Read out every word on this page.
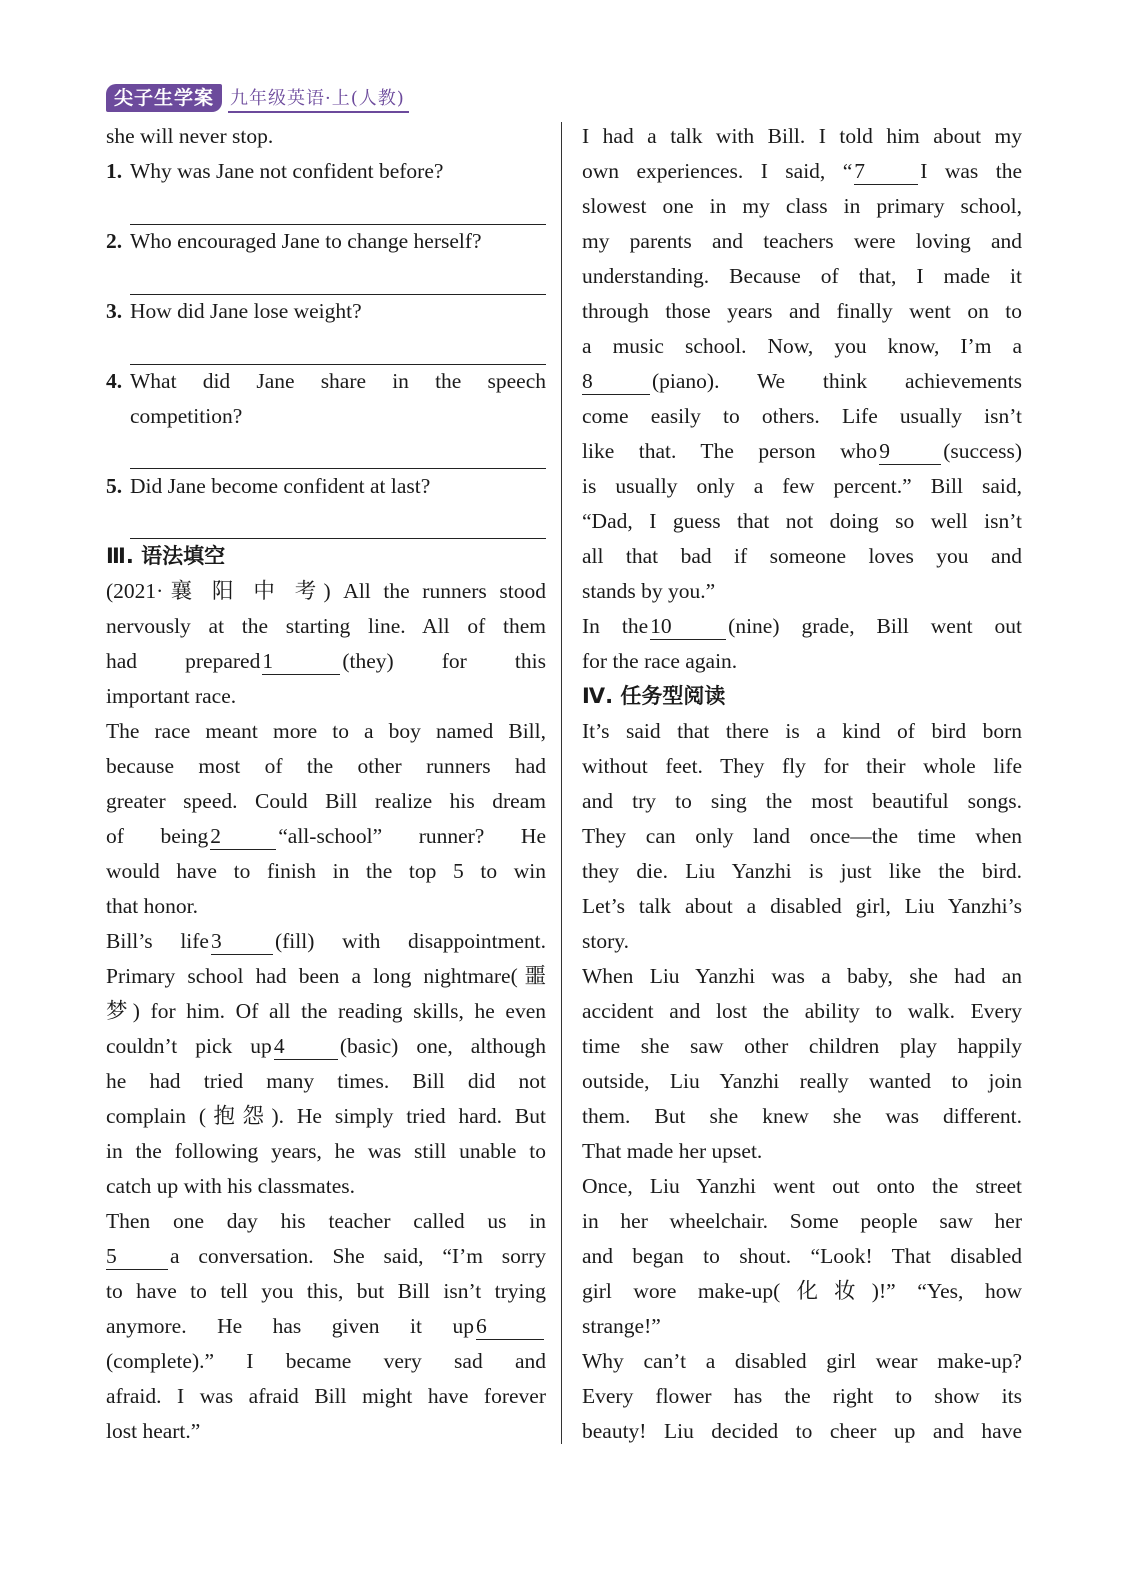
尖子生学案 九年级英语·上(人教)
she will never stop.
1. Why was Jane not confident before?
2. Who encouraged Jane to change herself?
3. How did Jane lose weight?
4. What did Jane share in the speech
competition?
5. Did Jane become confident at last?
Ⅲ. 语法填空
(2021·襄 阳 中 考) All the runners stood
nervously at the starting line. All of them
had prepared1	(they) for this
important race.
The race meant more to a boy named Bill,
because most of the other runners had
greater speed. Could Bill realize his dream
of being2	“all-school” runner? He
would have to finish in the top 5 to win
that honor.
Bill’s life3 (fill) with disappointment.
Primary school had been a long nightmare(噩
梦) for him. Of all the reading skills, he even
couldn’t pick up4	(basic) one, although
he had tried many times. Bill did not
complain (抱怨). He simply tried hard. But
in the following years, he was still unable to
catch up with his classmates.
Then one day his teacher called us in
5 a conversation. She said, “I’m sorry
to have to tell you this, but Bill isn’t trying
anymore. He has given it up6
(complete).” I became very sad and
afraid. I was afraid Bill might have forever
lost heart.”
I had a talk with Bill. I told him about my
own experiences. I said, “7	I was the
slowest one in my class in primary school,
my parents and teachers were loving and
understanding. Because of that, I made it
through those years and finally went on to
a music school. Now, you know, I’m a
8	(piano). We think achievements
come easily to others. Life usually isn’t
like that. The person who9 (success)
is usually only a few percent.” Bill said,
“Dad, I guess that not doing so well isn’t
all that bad if someone loves you and
stands by you.”
In the10	(nine) grade, Bill went out
for the race again.
Ⅳ. 任务型阅读
It’s said that there is a kind of bird born
without feet. They fly for their whole life
and try to sing the most beautiful songs.
They can only land once—the time when
they die. Liu Yanzhi is just like the bird.
Let’s talk about a disabled girl, Liu Yanzhi’s
story.
When Liu Yanzhi was a baby, she had an
accident and lost the ability to walk. Every
time she saw other children play happily
outside, Liu Yanzhi really wanted to join
them. But she knew she was different.
That made her upset.
Once, Liu Yanzhi went out onto the street
in her wheelchair. Some people saw her
and began to shout. “Look! That disabled
girl wore make-up(化妆)!” “Yes, how
strange!”
Why can’t a disabled girl wear make-up?
Every flower has the right to show its
beauty! Liu decided to cheer up and have
